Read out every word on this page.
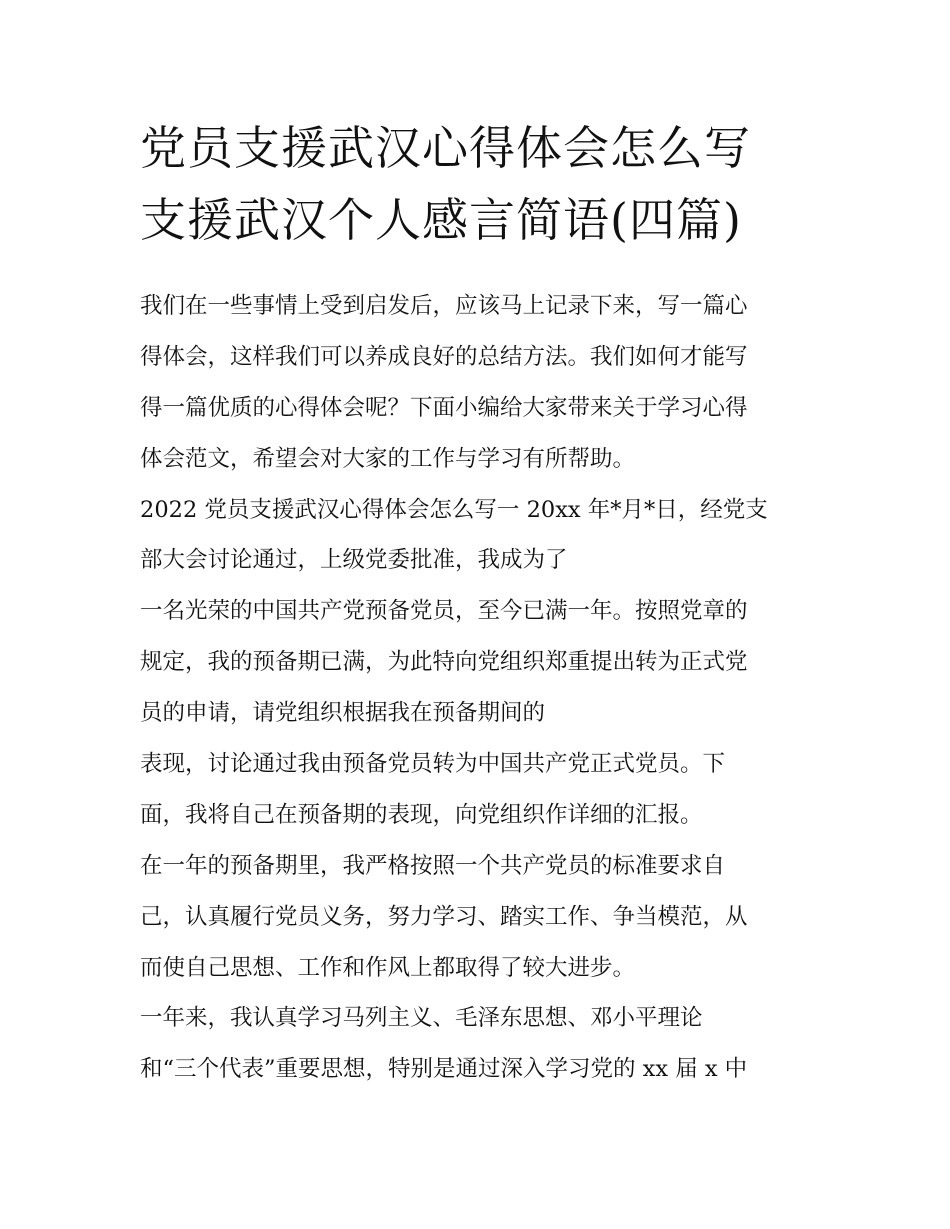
党员支援武汉心得体会怎么写
支援武汉个人感言简语(四篇)
我们在一些事情上受到启发后，应该马上记录下来，写一篇心
得体会，这样我们可以养成良好的总结方法。我们如何才能写
得一篇优质的心得体会呢？下面小编给大家带来关于学习心得
体会范文，希望会对大家的工作与学习有所帮助。
2022 党员支援武汉心得体会怎么写一 20xx 年*月*日，经党支
部大会讨论通过，上级党委批准，我成为了
一名光荣的中国共产党预备党员，至今已满一年。按照党章的
规定，我的预备期已满，为此特向党组织郑重提出转为正式党
员的申请，请党组织根据我在预备期间的
表现，讨论通过我由预备党员转为中国共产党正式党员。下
面，我将自己在预备期的表现，向党组织作详细的汇报。
在一年的预备期里，我严格按照一个共产党员的标准要求自
己，认真履行党员义务，努力学习、踏实工作、争当模范，从
而使自己思想、工作和作风上都取得了较大进步。
一年来，我认真学习马列主义、毛泽东思想、邓小平理论
和“三个代表”重要思想，特别是通过深入学习党的 xx 届 x 中
